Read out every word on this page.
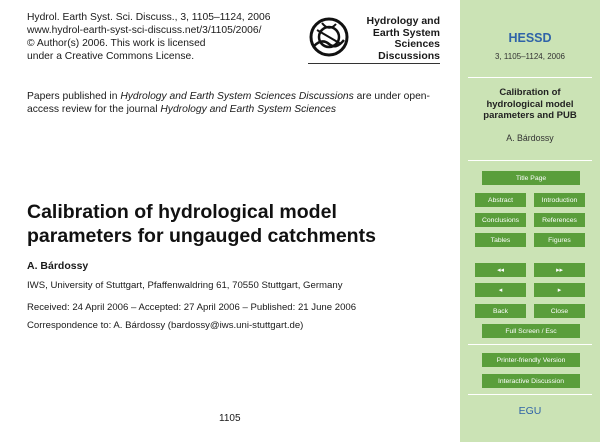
Hydrol. Earth Syst. Sci. Discuss., 3, 1105–1124, 2006
www.hydrol-earth-syst-sci-discuss.net/3/1105/2006/
© Author(s) 2006. This work is licensed
under a Creative Commons License.
Hydrology and
Earth System
Sciences
Discussions
Papers published in Hydrology and Earth System Sciences Discussions are under open-access review for the journal Hydrology and Earth System Sciences
Calibration of hydrological model
parameters for ungauged catchments
A. Bárdossy
IWS, University of Stuttgart, Pfaffenwaldring 61, 70550 Stuttgart, Germany
Received: 24 April 2006 – Accepted: 27 April 2006 – Published: 21 June 2006
Correspondence to: A. Bárdossy (bardossy@iws.uni-stuttgart.de)
1105
HESSD
3, 1105–1124, 2006
Calibration of
hydrological model
parameters and PUB
A. Bárdossy
Title Page
Abstract	Introduction
Conclusions	References
Tables	Figures
◂◂	▸▸
◂	▸
Back	Close
Full Screen / Esc
Printer-friendly Version
Interactive Discussion
EGU
